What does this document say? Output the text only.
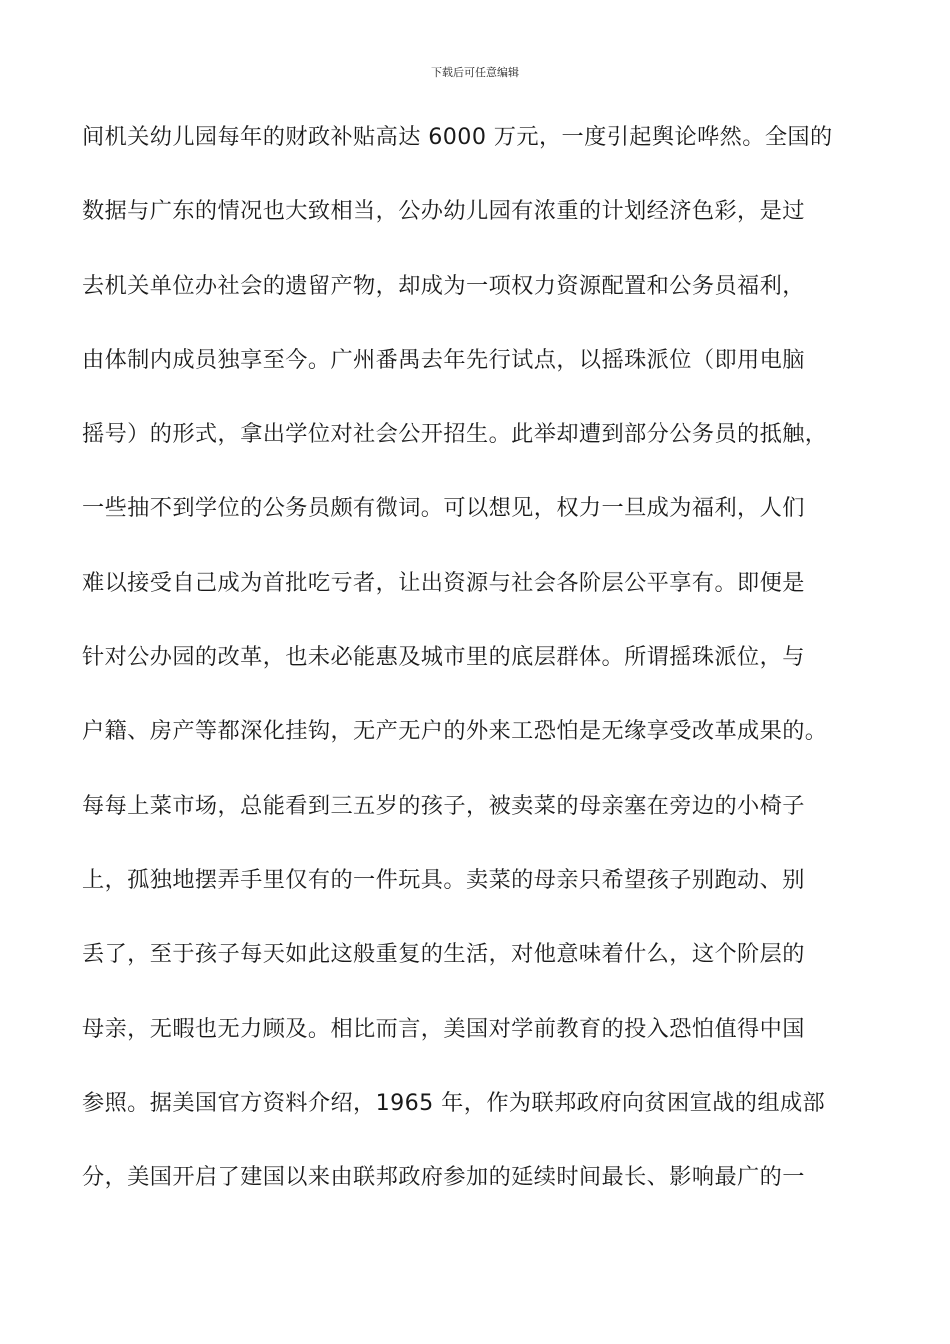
下载后可任意编辑
间机关幼儿园每年的财政补贴高达 6000 万元，一度引起舆论哗然。全国的
数据与广东的情况也大致相当，公办幼儿园有浓重的计划经济色彩，是过
去机关单位办社会的遗留产物，却成为一项权力资源配置和公务员福利，
由体制内成员独享至今。广州番禺去年先行试点，以摇珠派位（即用电脑
摇号）的形式，拿出学位对社会公开招生。此举却遭到部分公务员的抵触，
一些抽不到学位的公务员颇有微词。可以想见，权力一旦成为福利，人们
难以接受自己成为首批吃亏者，让出资源与社会各阶层公平享有。即便是
针对公办园的改革，也未必能惠及城市里的底层群体。所谓摇珠派位，与
户籍、房产等都深化挂钩，无产无户的外来工恐怕是无缘享受改革成果的。
每每上菜市场，总能看到三五岁的孩子，被卖菜的母亲塞在旁边的小椅子
上，孤独地摆弄手里仅有的一件玩具。卖菜的母亲只希望孩子别跑动、别
丢了，至于孩子每天如此这般重复的生活，对他意味着什么，这个阶层的
母亲，无暇也无力顾及。相比而言，美国对学前教育的投入恐怕值得中国
参照。据美国官方资料介绍，1965 年，作为联邦政府向贫困宣战的组成部
分，美国开启了建国以来由联邦政府参加的延续时间最长、影响最广的一
